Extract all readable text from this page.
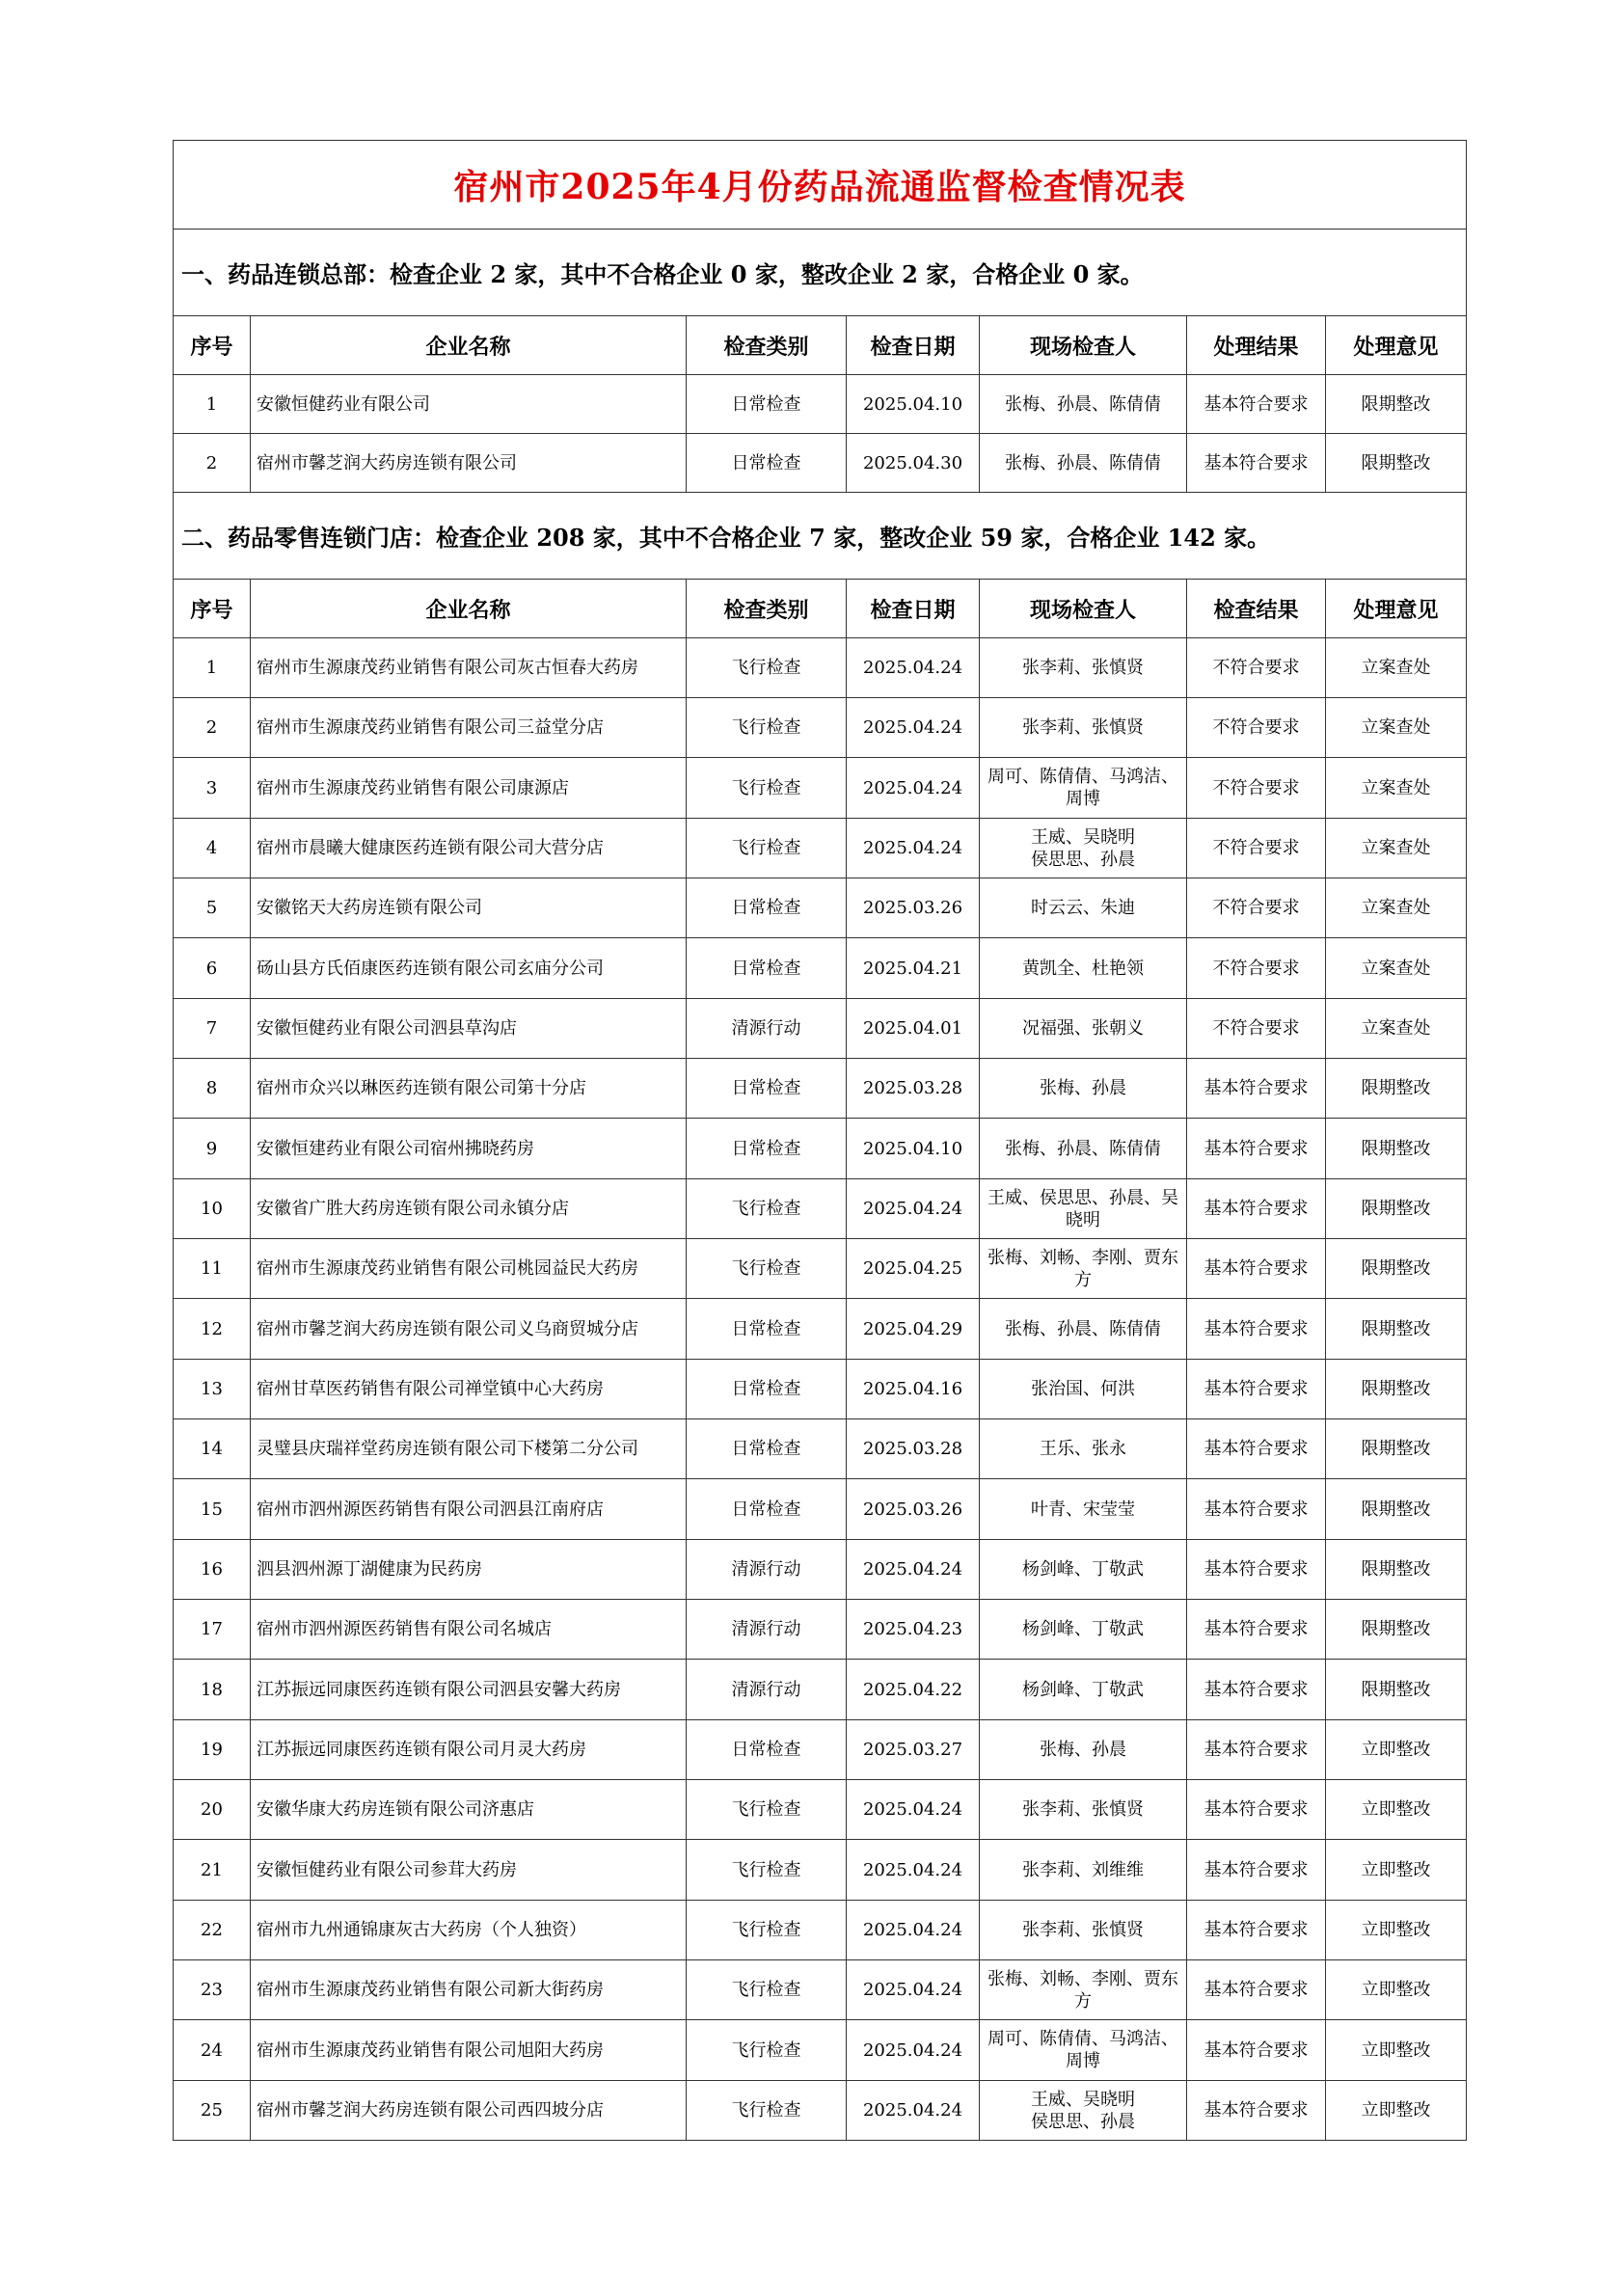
宿州市2025年4月份药品流通监督检查情况表						
一、药品连锁总部：检查企业 2 家，其中不合格企业 0 家，整改企业 2 家，合格企业 0 家。						
序号	企业名称	检查类别	检查日期	现场检查人	处理结果	处理意见
1	安徽恒健药业有限公司	日常检查	2025.04.10	张梅、孙晨、陈倩倩	基本符合要求	限期整改
2	宿州市馨芝润大药房连锁有限公司	日常检查	2025.04.30	张梅、孙晨、陈倩倩	基本符合要求	限期整改
二、药品零售连锁门店：检查企业 208 家，其中不合格企业 7 家，整改企业 59 家，合格企业 142 家。						
序号	企业名称	检查类别	检查日期	现场检查人	检查结果	处理意见
1	宿州市生源康茂药业销售有限公司灰古恒春大药房	飞行检查	2025.04.24	张李莉、张慎贤	不符合要求	立案查处
2	宿州市生源康茂药业销售有限公司三益堂分店	飞行检查	2025.04.24	张李莉、张慎贤	不符合要求	立案查处
3	宿州市生源康茂药业销售有限公司康源店	飞行检查	2025.04.24	周可、陈倩倩、马鸿洁、周博	不符合要求	立案查处
4	宿州市晨曦大健康医药连锁有限公司大营分店	飞行检查	2025.04.24	王威、吴晓明
侯思思、孙晨	不符合要求	立案查处
5	安徽铭天大药房连锁有限公司	日常检查	2025.03.26	时云云、朱迪	不符合要求	立案查处
6	砀山县方氏佰康医药连锁有限公司玄庙分公司	日常检查	2025.04.21	黄凯全、杜艳领	不符合要求	立案查处
7	安徽恒健药业有限公司泗县草沟店	清源行动	2025.04.01	况福强、张朝义	不符合要求	立案查处
8	宿州市众兴以琳医药连锁有限公司第十分店	日常检查	2025.03.28	张梅、孙晨	基本符合要求	限期整改
9	安徽恒建药业有限公司宿州拂晓药房	日常检查	2025.04.10	张梅、孙晨、陈倩倩	基本符合要求	限期整改
10	安徽省广胜大药房连锁有限公司永镇分店	飞行检查	2025.04.24	王威、侯思思、孙晨、吴晓明	基本符合要求	限期整改
11	宿州市生源康茂药业销售有限公司桃园益民大药房	飞行检查	2025.04.25	张梅、刘畅、李刚、贾东方	基本符合要求	限期整改
12	宿州市馨芝润大药房连锁有限公司义乌商贸城分店	日常检查	2025.04.29	张梅、孙晨、陈倩倩	基本符合要求	限期整改
13	宿州甘草医药销售有限公司禅堂镇中心大药房	日常检查	2025.04.16	张治国、何洪	基本符合要求	限期整改
14	灵璧县庆瑞祥堂药房连锁有限公司下楼第二分公司	日常检查	2025.03.28	王乐、张永	基本符合要求	限期整改
15	宿州市泗州源医药销售有限公司泗县江南府店	日常检查	2025.03.26	叶青、宋莹莹	基本符合要求	限期整改
16	泗县泗州源丁湖健康为民药房	清源行动	2025.04.24	杨剑峰、丁敬武	基本符合要求	限期整改
17	宿州市泗州源医药销售有限公司名城店	清源行动	2025.04.23	杨剑峰、丁敬武	基本符合要求	限期整改
18	江苏振远同康医药连锁有限公司泗县安馨大药房	清源行动	2025.04.22	杨剑峰、丁敬武	基本符合要求	限期整改
19	江苏振远同康医药连锁有限公司月灵大药房	日常检查	2025.03.27	张梅、孙晨	基本符合要求	立即整改
20	安徽华康大药房连锁有限公司济惠店	飞行检查	2025.04.24	张李莉、张慎贤	基本符合要求	立即整改
21	安徽恒健药业有限公司参茸大药房	飞行检查	2025.04.24	张李莉、刘维维	基本符合要求	立即整改
22	宿州市九州通锦康灰古大药房（个人独资）	飞行检查	2025.04.24	张李莉、张慎贤	基本符合要求	立即整改
23	宿州市生源康茂药业销售有限公司新大街药房	飞行检查	2025.04.24	张梅、刘畅、李刚、贾东方	基本符合要求	立即整改
24	宿州市生源康茂药业销售有限公司旭阳大药房	飞行检查	2025.04.24	周可、陈倩倩、马鸿洁、周博	基本符合要求	立即整改
25	宿州市馨芝润大药房连锁有限公司西四坡分店	飞行检查	2025.04.24	王威、吴晓明
侯思思、孙晨	基本符合要求	立即整改
